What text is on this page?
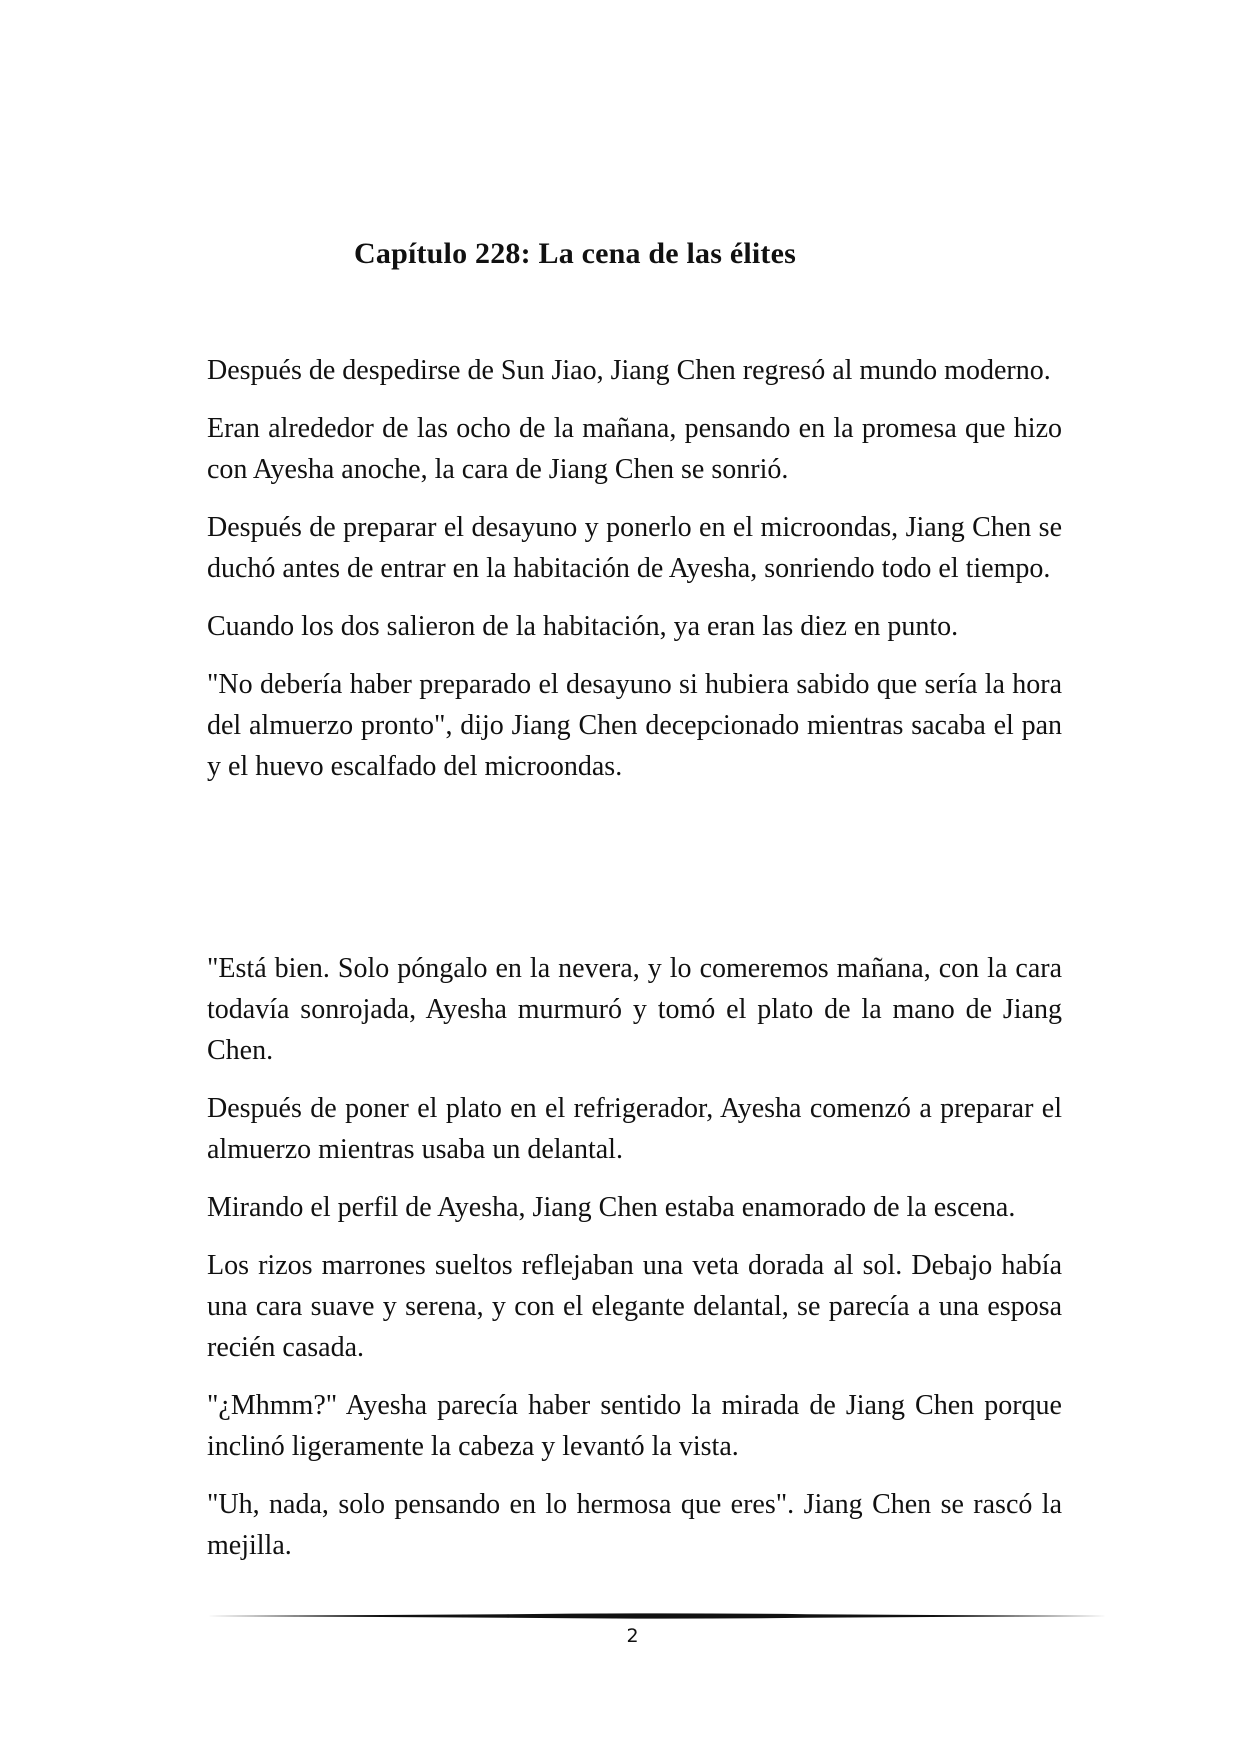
Capítulo 228: La cena de las élites

Después de despedirse de Sun Jiao, Jiang Chen regresó al mundo moderno.

Eran alrededor de las ocho de la mañana, pensando en la promesa que hizo con Ayesha anoche, la cara de Jiang Chen se sonrió.

Después de preparar el desayuno y ponerlo en el microondas, Jiang Chen se duchó antes de entrar en la habitación de Ayesha, sonriendo todo el tiempo.

Cuando los dos salieron de la habitación, ya eran las diez en punto.

"No debería haber preparado el desayuno si hubiera sabido que sería la hora del almuerzo pronto", dijo Jiang Chen decepcionado mientras sacaba el pan y el huevo escalfado del microondas.

"Está bien. Solo póngalo en la nevera, y lo comeremos mañana, con la cara todavía sonrojada, Ayesha murmuró y tomó el plato de la mano de Jiang Chen.

Después de poner el plato en el refrigerador, Ayesha comenzó a preparar el almuerzo mientras usaba un delantal.

Mirando el perfil de Ayesha, Jiang Chen estaba enamorado de la escena.

Los rizos marrones sueltos reflejaban una veta dorada al sol. Debajo había una cara suave y serena, y con el elegante delantal, se parecía a una esposa recién casada.

"¿Mhmm?" Ayesha parecía haber sentido la mirada de Jiang Chen porque inclinó ligeramente la cabeza y levantó la vista.

"Uh, nada, solo pensando en lo hermosa que eres". Jiang Chen se rascó la mejilla.

2
